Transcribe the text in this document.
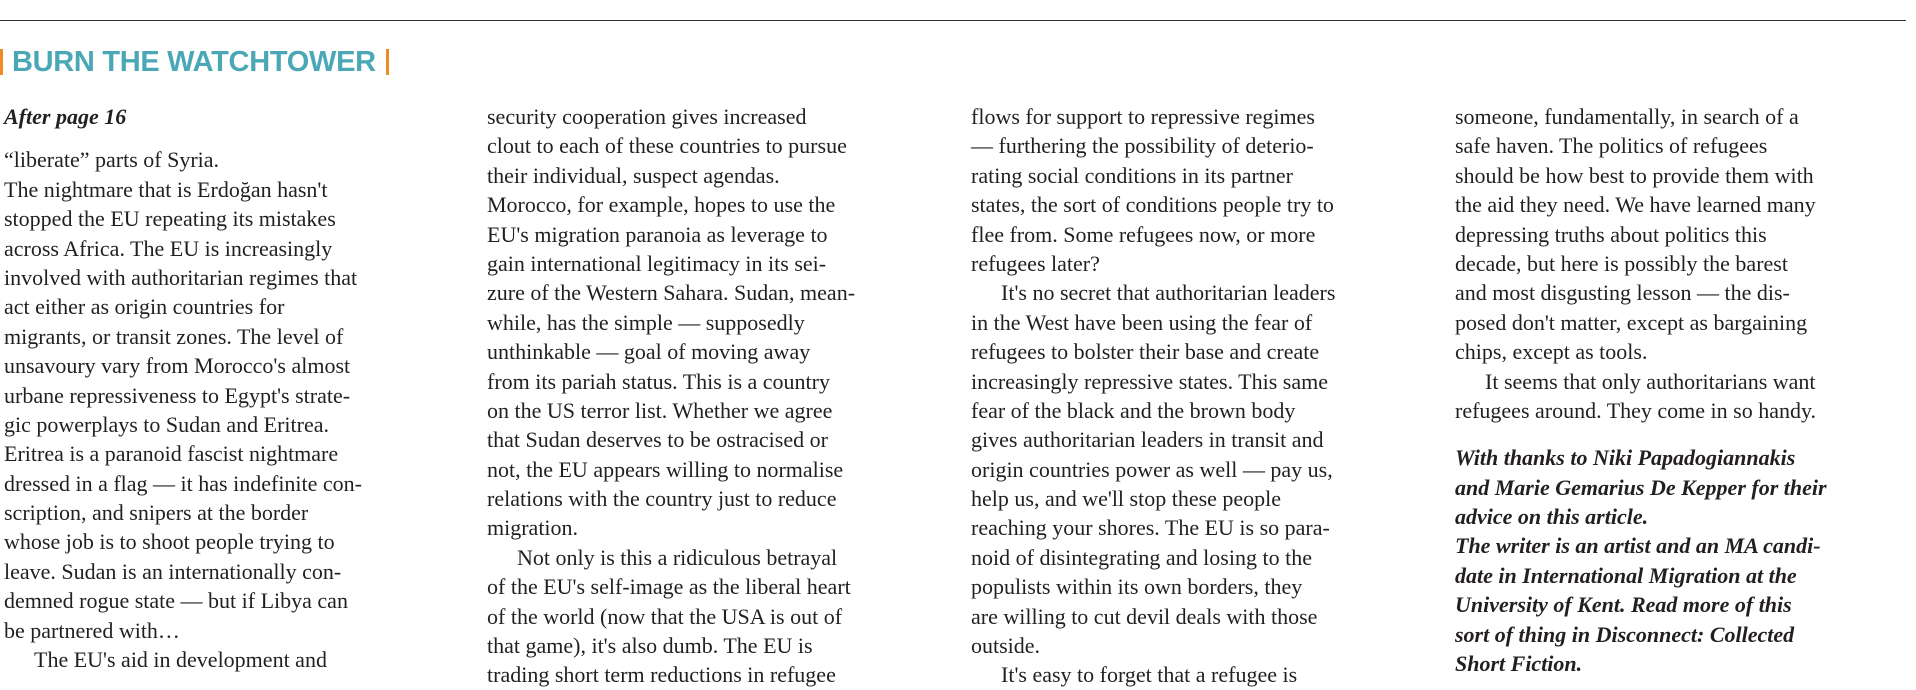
BURN THE WATCHTOWER
After page 16
“liberate” parts of Syria.
The nightmare that is Erdoğan hasn't
stopped the EU repeating its mistakes
across Africa. The EU is increasingly
involved with authoritarian regimes that
act either as origin countries for
migrants, or transit zones. The level of
unsavoury vary from Morocco's almost
urbane repressiveness to Egypt's strate-
gic powerplays to Sudan and Eritrea.
Eritrea is a paranoid fascist nightmare
dressed in a flag — it has indefinite con-
scription, and snipers at the border
whose job is to shoot people trying to
leave. Sudan is an internationally con-
demned rogue state — but if Libya can
be partnered with…
The EU's aid in development and
security cooperation gives increased
clout to each of these countries to pursue
their individual, suspect agendas.
Morocco, for example, hopes to use the
EU's migration paranoia as leverage to
gain international legitimacy in its sei-
zure of the Western Sahara. Sudan, mean-
while, has the simple — supposedly
unthinkable — goal of moving away
from its pariah status. This is a country
on the US terror list. Whether we agree
that Sudan deserves to be ostracised or
not, the EU appears willing to normalise
relations with the country just to reduce
migration.
Not only is this a ridiculous betrayal
of the EU's self-image as the liberal heart
of the world (now that the USA is out of
that game), it's also dumb. The EU is
trading short term reductions in refugee
flows for support to repressive regimes
— furthering the possibility of deterio-
rating social conditions in its partner
states, the sort of conditions people try to
flee from. Some refugees now, or more
refugees later?
It's no secret that authoritarian leaders
in the West have been using the fear of
refugees to bolster their base and create
increasingly repressive states. This same
fear of the black and the brown body
gives authoritarian leaders in transit and
origin countries power as well — pay us,
help us, and we'll stop these people
reaching your shores. The EU is so para-
noid of disintegrating and losing to the
populists within its own borders, they
are willing to cut devil deals with those
outside.
It's easy to forget that a refugee is
someone, fundamentally, in search of a
safe haven. The politics of refugees
should be how best to provide them with
the aid they need. We have learned many
depressing truths about politics this
decade, but here is possibly the barest
and most disgusting lesson — the dis-
posed don't matter, except as bargaining
chips, except as tools.
It seems that only authoritarians want
refugees around. They come in so handy.
With thanks to Niki Papadogiannakis
and Marie Gemarius De Kepper for their
advice on this article.
The writer is an artist and an MA candi-
date in International Migration at the
University of Kent. Read more of this
sort of thing in Disconnect: Collected
Short Fiction.
